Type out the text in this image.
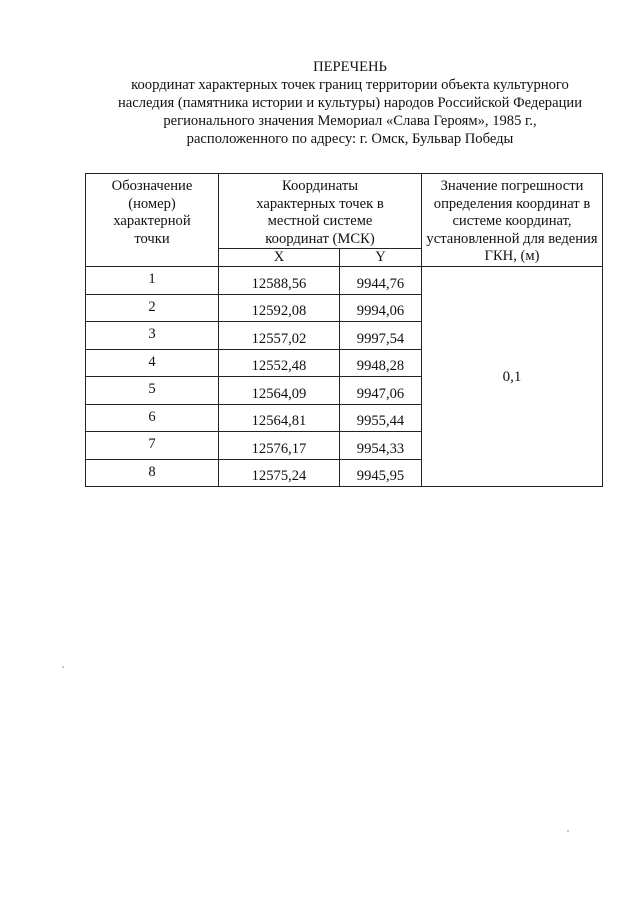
ПЕРЕЧЕНЬ
координат характерных точек границ территории объекта культурного
наследия (памятника истории и культуры) народов Российской Федерации
регионального значения Мемориал «Слава Героям», 1985 г.,
расположенного по адресу: г. Омск, Бульвар Победы
Обозначение (номер) характерной точки	Координаты характерных точек в местной системе координат (МСК)		Значение погрешности определения координат в системе координат, установленной для ведения ГКН, (м)

	X	Y	
1	12588,56	9944,76	0,1
2	12592,08	9994,06	
3	12557,02	9997,54	
4	12552,48	9948,28	
5	12564,09	9947,06	
6	12564,81	9955,44	
7	12576,17	9954,33	
8	12575,24	9945,95	
